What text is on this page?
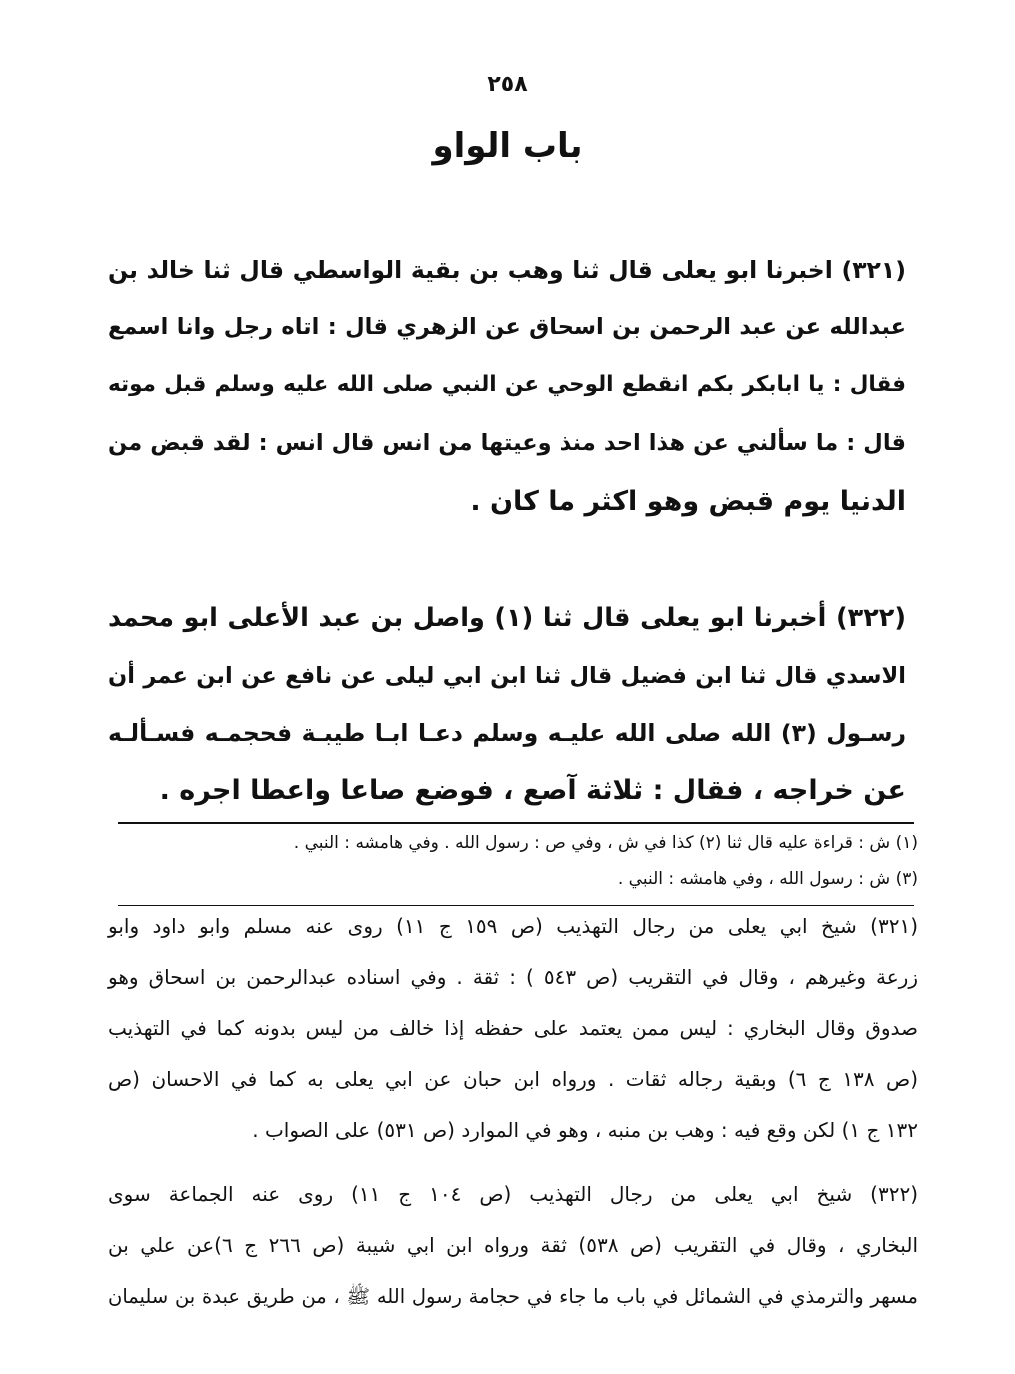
٢٥٨
باب الواو
(٣٢١) اخبرنا ابو يعلى قال ثنا وهب بن بقية الواسطي قال ثنا خالد بن
عبدالله عن عبد الرحمن بن اسحاق عن الزهري قال : اتاه رجل وانا اسمع
فقال : يا ابابكر بكم انقطع الوحي عن النبي صلى الله عليه وسلم قبل موته
قال : ما سألني عن هذا احد منذ وعيتها من انس قال انس : لقد قبض من
الدنيا يوم قبض وهو اكثر ما كان .
(٣٢٢) أخبرنا ابو يعلى قال ثنا (١) واصل بن عبد الأعلى ابو محمد
الاسدي قال ثنا ابن فضيل قال ثنا ابن ابي ليلى عن نافع عن ابن عمر أن
رسـول (٣) الله صلى الله عليـه وسلم دعـا ابـا طيبـة فحجمـه فسـألـه
عن خراجه ، فقال : ثلاثة آصع ، فوضع صاعا واعطا اجره .
(١) ش : قراءة عليه قال ثنا (٢) كذا في ش ، وفي ص : رسول الله . وفي هامشه : النبي .
(٣) ش : رسول الله ، وفي هامشه : النبي .
(٣٢١) شيخ ابي يعلى من رجال التهذيب (ص ١٥٩ ج ١١) روى عنه مسلم وابو داود وابو
زرعة وغيرهم ، وقال في التقريب (ص ٥٤٣ ) : ثقة . وفي اسناده عبدالرحمن بن اسحاق وهو
صدوق وقال البخاري : ليس ممن يعتمد على حفظه إذا خالف من ليس بدونه كما في التهذيب
(ص ١٣٨ ج ٦) وبقية رجاله ثقات . ورواه ابن حبان عن ابي يعلى به كما في الاحسان (ص
١٣٢ ج ١) لكن وقع فيه : وهب بن منبه ، وهو في الموارد (ص ٥٣١) على الصواب .
(٣٢٢) شيخ ابي يعلى من رجال التهذيب (ص ١٠٤ ج ١١) روى عنه الجماعة سوى
البخاري ، وقال في التقريب (ص ٥٣٨) ثقة ورواه ابن ابي شيبة (ص ٢٦٦ ج ٦)عن علي بن
مسهر والترمذي في الشمائل في باب ما جاء في حجامة رسول الله ﷺ ، من طريق عبدة بن سليمان
